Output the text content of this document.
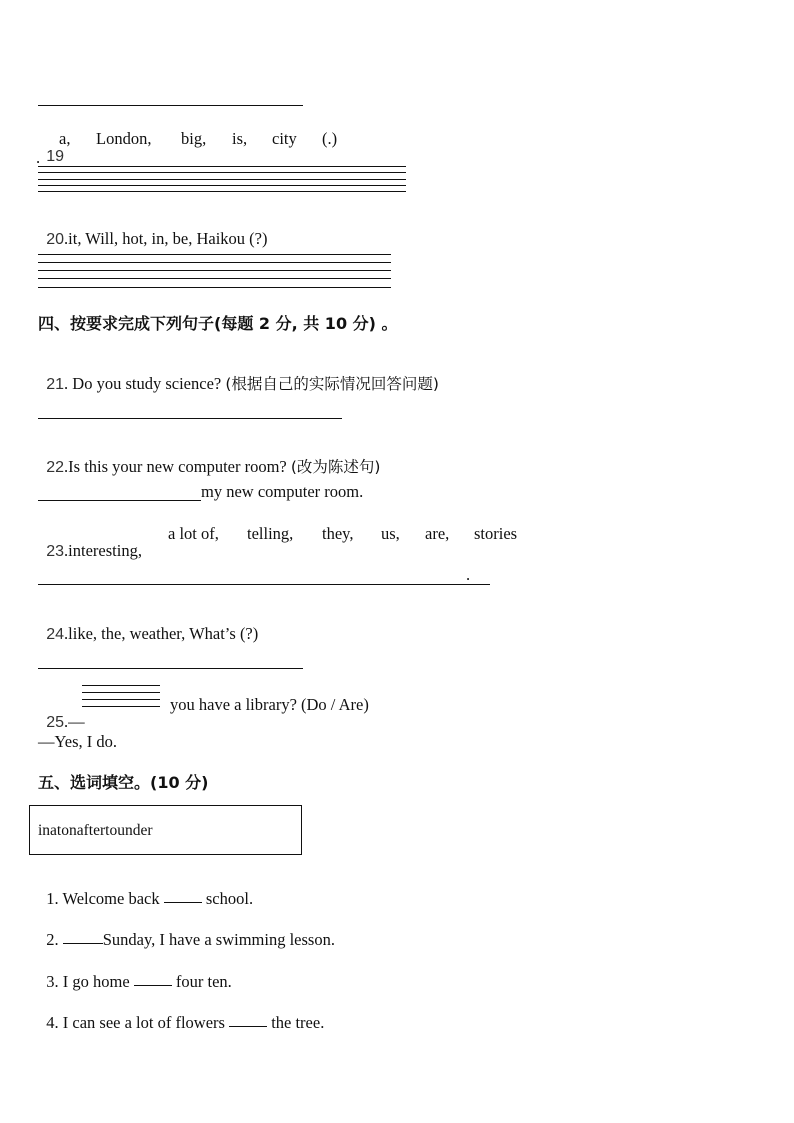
19

a, London, big, is, city (.)
.

20.it, Will, hot, in, be, Haikou (?)

四、按要求完成下列句子(每题 2 分, 共 10 分) 。

21. Do you study science? (根据自己的实际情况回答问题)

22.Is this your new computer room? (改为陈述句)

my new computer room.

23.interesting,

a lot of, telling, they, us, are, stories
.

24.like, the, weather, What’s (?)

25.—

you have a library? (Do / Are)
—Yes, I do.
五、选词填空。(10 分)
inatonaftertounder

1. Welcome back  school.

2. Sunday, I have a swimming lesson.

3. I go home  four ten.

4. I can see a lot of flowers  the tree.
